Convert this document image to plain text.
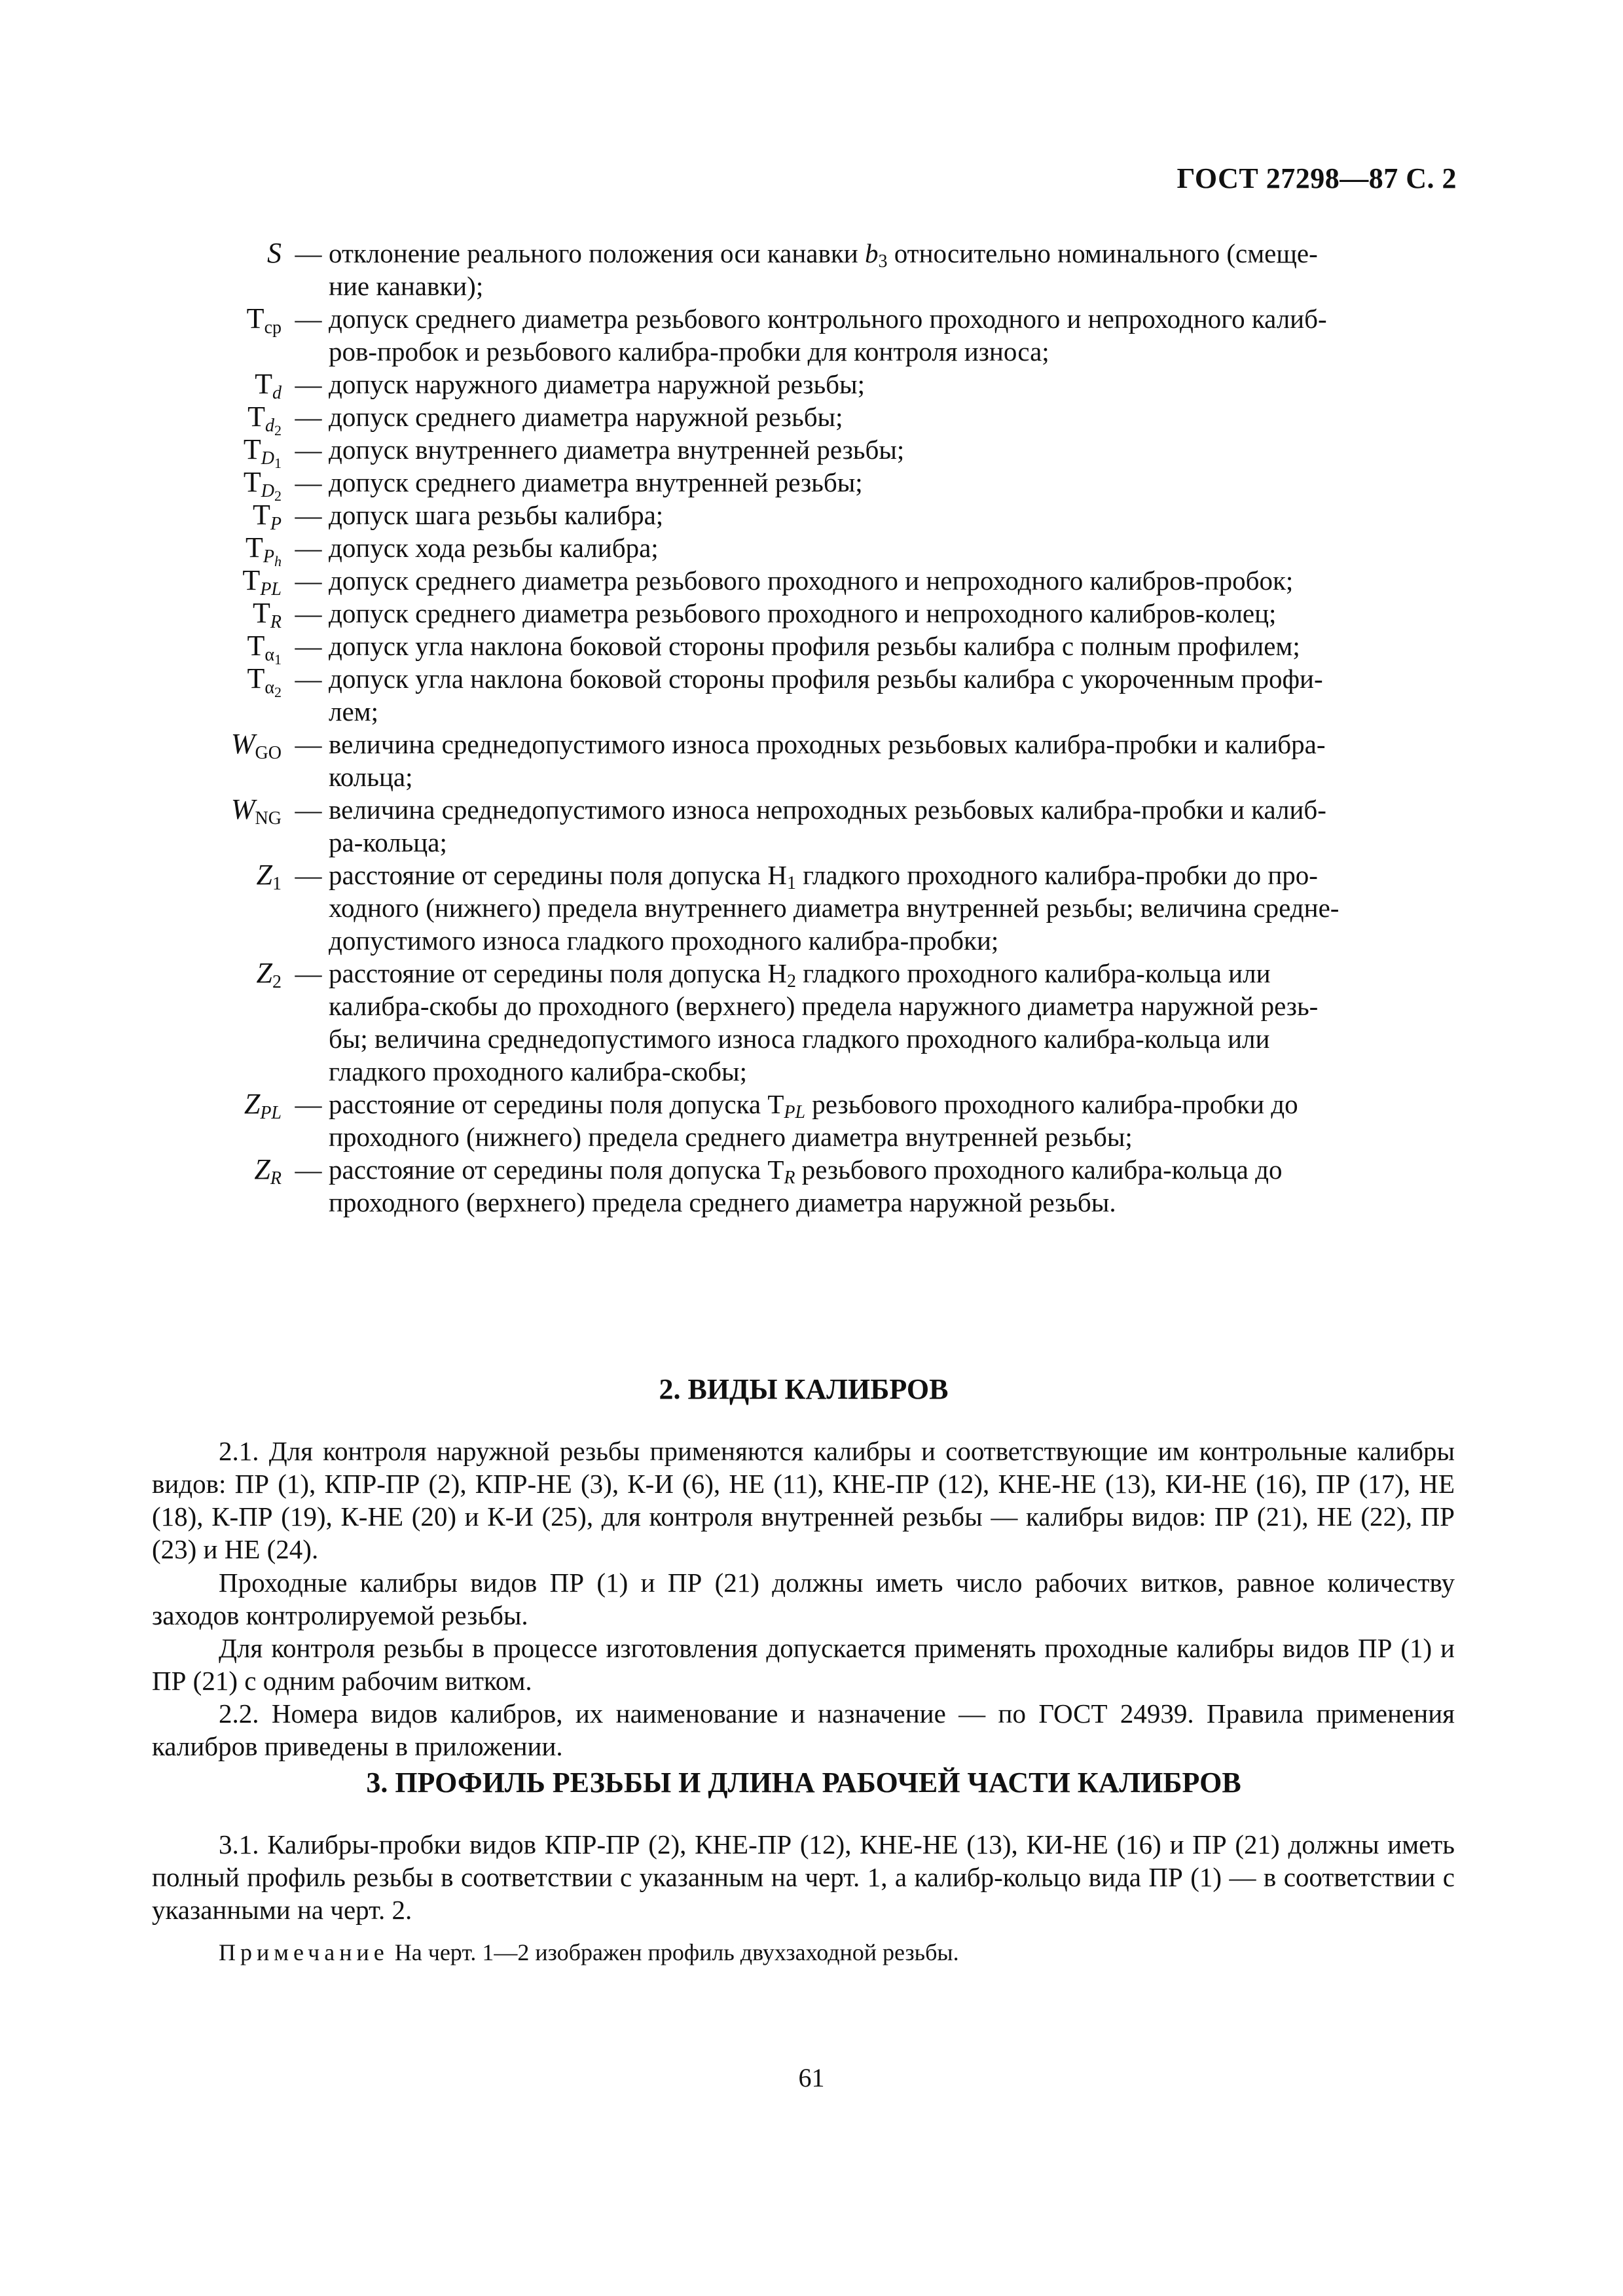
ГОСТ 27298—87 С. 2
S — отклонение реального положения оси канавки $b_3$ относительно номинального (смеще-
ние канавки);
$T_{ср}$ — допуск среднего диаметра резьбового контрольного проходного и непроходного калиб-
ров-пробок и резьбового калибра-пробки для контроля износа;
$T_d$ — допуск наружного диаметра наружной резьбы;
$T_{d_2}$ — допуск среднего диаметра наружной резьбы;
$T_{D_1}$ — допуск внутреннего диаметра внутренней резьбы;
$T_{D_2}$ — допуск среднего диаметра внутренней резьбы;
$T_P$ — допуск шага резьбы калибра;
$T_{P_h}$ — допуск хода резьбы калибра;
$T_{PL}$ — допуск среднего диаметра резьбового проходного и непроходного калибров-пробок;
$T_R$ — допуск среднего диаметра резьбового проходного и непроходного калибров-колец;
$T_{\alpha_1}$ — допуск угла наклона боковой стороны профиля резьбы калибра с полным профилем;
$T_{\alpha_2}$ — допуск угла наклона боковой стороны профиля резьбы калибра с укороченным профи-
лем;
$W_{GO}$ — величина среднедопустимого износа проходных резьбовых калибра-пробки и калибра-
кольца;
$W_{NG}$ — величина среднедопустимого износа непроходных резьбовых калибра-пробки и калиб-
ра-кольца;
$Z_1$ — расстояние от середины поля допуска $H_1$ гладкого проходного калибра-пробки до про-
ходного (нижнего) предела внутреннего диаметра внутренней резьбы; величина средне-
допустимого износа гладкого проходного калибра-пробки;
$Z_2$ — расстояние от середины поля допуска $H_2$ гладкого проходного калибра-кольца или
калибра-скобы до проходного (верхнего) предела наружного диаметра наружной резь-
бы; величина среднедопустимого износа гладкого проходного калибра-кольца или
гладкого проходного калибра-скобы;
$Z_{PL}$ — расстояние от середины поля допуска $T_{PL}$ резьбового проходного калибра-пробки до
проходного (нижнего) предела среднего диаметра внутренней резьбы;
$Z_R$ — расстояние от середины поля допуска $T_R$ резьбового проходного калибра-кольца до
проходного (верхнего) предела среднего диаметра наружной резьбы.
2. ВИДЫ КАЛИБРОВ
2.1. Для контроля наружной резьбы применяются калибры и соответствующие им контрольные калибры видов: ПР (1), КПР-ПР (2), КПР-НЕ (3), К-И (6), НЕ (11), КНЕ-ПР (12), КНЕ-НЕ (13), КИ-НЕ (16), ПР (17), НЕ (18), К-ПР (19), К-НЕ (20) и К-И (25), для контроля внутренней резьбы — калибры видов: ПР (21), НЕ (22), ПР (23) и НЕ (24).
Проходные калибры видов ПР (1) и ПР (21) должны иметь число рабочих витков, равное количеству заходов контролируемой резьбы.
Для контроля резьбы в процессе изготовления допускается применять проходные калибры видов ПР (1) и ПР (21) с одним рабочим витком.
2.2. Номера видов калибров, их наименование и назначение — по ГОСТ 24939. Правила применения калибров приведены в приложении.
3. ПРОФИЛЬ РЕЗЬБЫ И ДЛИНА РАБОЧЕЙ ЧАСТИ КАЛИБРОВ
3.1. Калибры-пробки видов КПР-ПР (2), КНЕ-ПР (12), КНЕ-НЕ (13), КИ-НЕ (16) и ПР (21) должны иметь полный профиль резьбы в соответствии с указанным на черт. 1, а калибр-кольцо вида ПР (1) — в соответствии с указанными на черт. 2.
Примечание На черт. 1—2 изображен профиль двухзаходной резьбы.
61
